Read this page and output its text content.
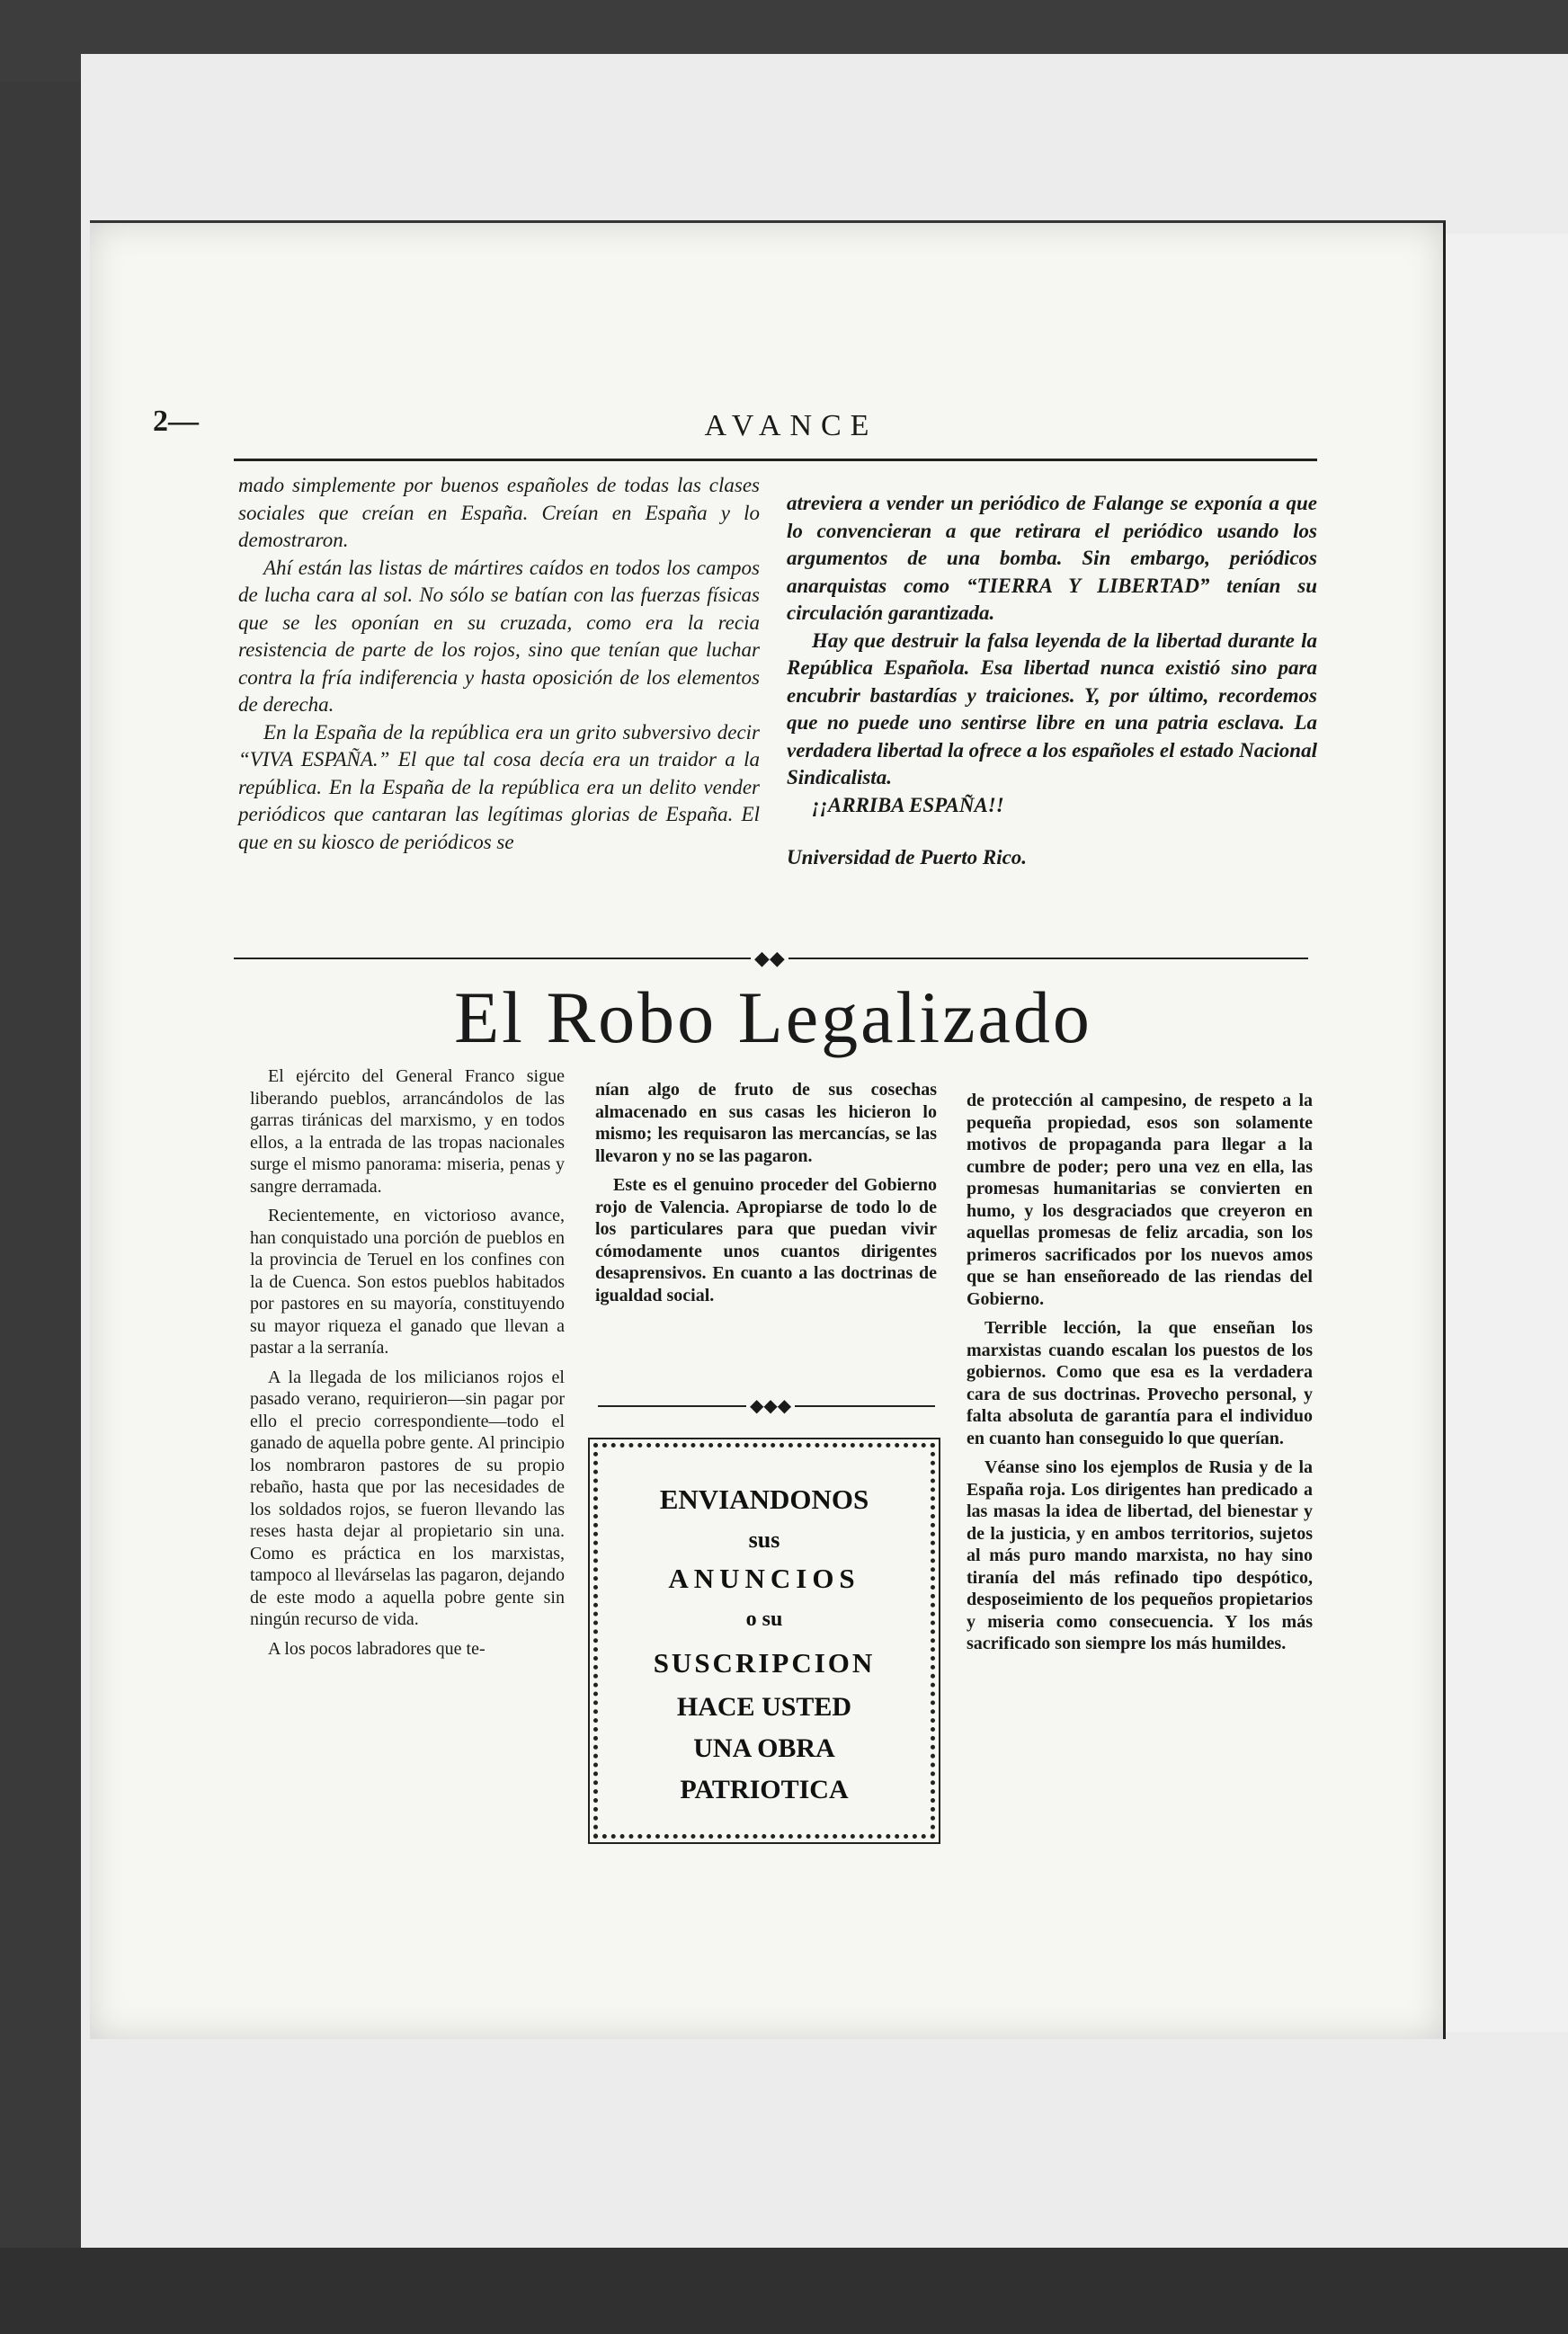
2—	AVANCE

mado simplemente por buenos españoles de todas las clases sociales que creían en España. Creían en España y lo demostraron.

Ahí están las listas de mártires caídos en todos los campos de lucha cara al sol. No sólo se batían con las fuerzas físicas que se les oponían en su cruzada, como era la recia resistencia de parte de los rojos, sino que tenían que luchar contra la fría indiferencia y hasta oposición de los elementos de derecha.

En la España de la república era un grito subversivo decir “VIVA ESPAÑA.” El que tal cosa decía era un traidor a la república. En la España de la república era un delito vender periódicos que cantaran las legítimas glorias de España. El que en su kiosco de periódicos se

atreviera a vender un periódico de Falange se exponía a que lo convencieran a que retirara el periódico usando los argumentos de una bomba. Sin embargo, periódicos anarquistas como “TIERRA Y LIBERTAD” tenían su circulación garantizada.

Hay que destruir la falsa leyenda de la libertad durante la República Española. Esa libertad nunca existió sino para encubrir bastardías y traiciones. Y, por último, recordemos que no puede uno sentirse libre en una patria esclava. La verdadera libertad la ofrece a los españoles el estado Nacional Sindicalista.

¡¡ARRIBA ESPAÑA!!

Universidad de Puerto Rico.

◆◆
El Robo Legalizado

El ejército del General Franco sigue liberando pueblos, arrancándolos de las garras tiránicas del marxismo, y en todos ellos, a la entrada de las tropas nacionales surge el mismo panorama: miseria, penas y sangre derramada.

Recientemente, en victorioso avance, han conquistado una porción de pueblos en la provincia de Teruel en los confines con la de Cuenca. Son estos pueblos habitados por pastores en su mayoría, constituyendo su mayor riqueza el ganado que llevan a pastar a la serranía.

A la llegada de los milicianos rojos el pasado verano, requirieron—sin pagar por ello el precio correspondiente—todo el ganado de aquella pobre gente. Al principio los nombraron pastores de su propio rebaño, hasta que por las necesidades de los soldados rojos, se fueron llevando las reses hasta dejar al propietario sin una. Como es práctica en los marxistas, tampoco al llevárselas las pagaron, dejando de este modo a aquella pobre gente sin ningún recurso de vida.

A los pocos labradores que te-

nían algo de fruto de sus cosechas almacenado en sus casas les hicieron lo mismo; les requisaron las mercancías, se las llevaron y no se las pagaron.

Este es el genuino proceder del Gobierno rojo de Valencia. Apropiarse de todo lo de los particulares para que puedan vivir cómodamente unos cuantos dirigentes desaprensivos. En cuanto a las doctrinas de igualdad social.

◆◆◆
ENVIANDONOS
sus
ANUNCIOS
o su
SUSCRIPCION
HACE USTED
UNA OBRA
PATRIOTICA

de protección al campesino, de respeto a la pequeña propiedad, esos son solamente motivos de propaganda para llegar a la cumbre de poder; pero una vez en ella, las promesas humanitarias se convierten en humo, y los desgraciados que creyeron en aquellas promesas de feliz arcadia, son los primeros sacrificados por los nuevos amos que se han enseñoreado de las riendas del Gobierno.

Terrible lección, la que enseñan los marxistas cuando escalan los puestos de los gobiernos. Como que esa es la verdadera cara de sus doctrinas. Provecho personal, y falta absoluta de garantía para el individuo en cuanto han conseguido lo que querían.

Véanse sino los ejemplos de Rusia y de la España roja. Los dirigentes han predicado a las masas la idea de libertad, del bienestar y de la justicia, y en ambos territorios, sujetos al más puro mando marxista, no hay sino tiranía del más refinado tipo despótico, desposeimiento de los pequeños propietarios y miseria como consecuencia. Y los más sacrificado son siempre los más humildes.
